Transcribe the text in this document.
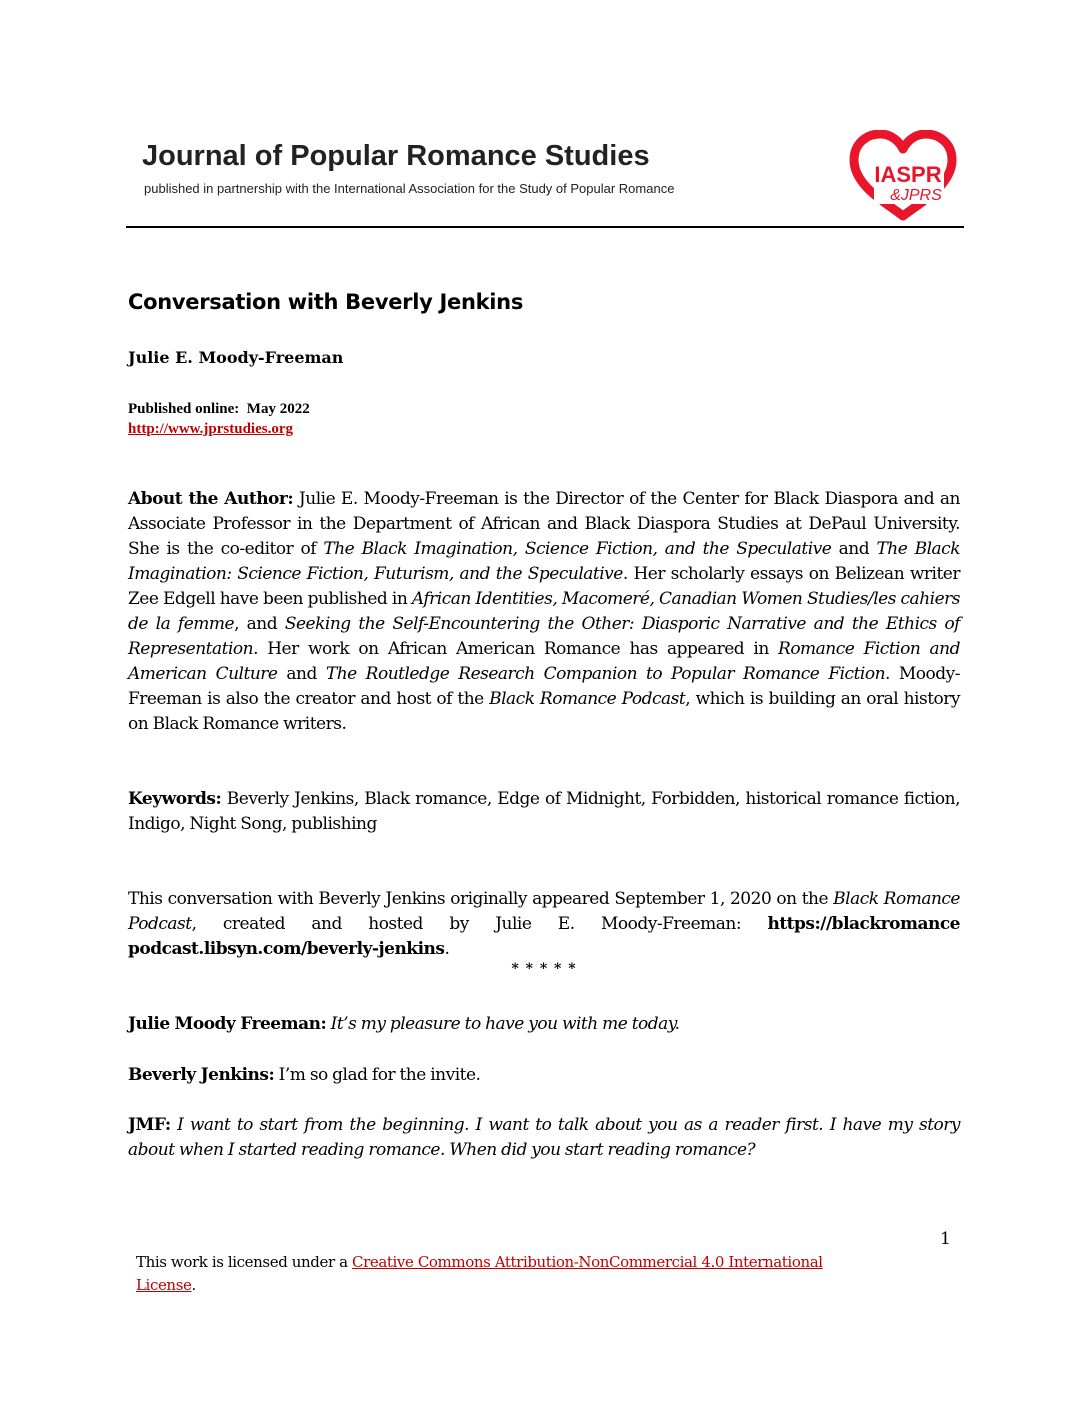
Journal of Popular Romance Studies
published in partnership with the International Association for the Study of Popular Romance
IASPR
&JPRS
Conversation with Beverly Jenkins
Julie E. Moody-Freeman
Published online: May 2022
http://www.jprstudies.org
About the Author: Julie E. Moody-Freeman is the Director of the Center for Black Diaspora and an Associate Professor in the Department of African and Black Diaspora Studies at DePaul University. She is the co-editor of The Black Imagination, Science Fiction, and the Speculative and The Black Imagination: Science Fiction, Futurism, and the Speculative. Her scholarly essays on Belizean writer Zee Edgell have been published in African Identities, Macomeré, Canadian Women Studies/les cahiers de la femme, and Seeking the Self-Encountering the Other: Diasporic Narrative and the Ethics of Representation. Her work on African American Romance has appeared in Romance Fiction and American Culture and The Routledge Research Companion to Popular Romance Fiction. Moody-Freeman is also the creator and host of the Black Romance Podcast, which is building an oral history on Black Romance writers.
Keywords: Beverly Jenkins, Black romance, Edge of Midnight, Forbidden, historical romance fiction, Indigo, Night Song, publishing
This conversation with Beverly Jenkins originally appeared September 1, 2020 on the Black Romance Podcast, created and hosted by Julie E. Moody-Freeman: https://blackromance podcast.libsyn.com/beverly-jenkins.
* * * * *
Julie Moody Freeman: It’s my pleasure to have you with me today.
Beverly Jenkins: I’m so glad for the invite.
JMF: I want to start from the beginning. I want to talk about you as a reader first. I have my story about when I started reading romance. When did you start reading romance?
1
This work is licensed under a Creative Commons Attribution-NonCommercial 4.0 International License.
